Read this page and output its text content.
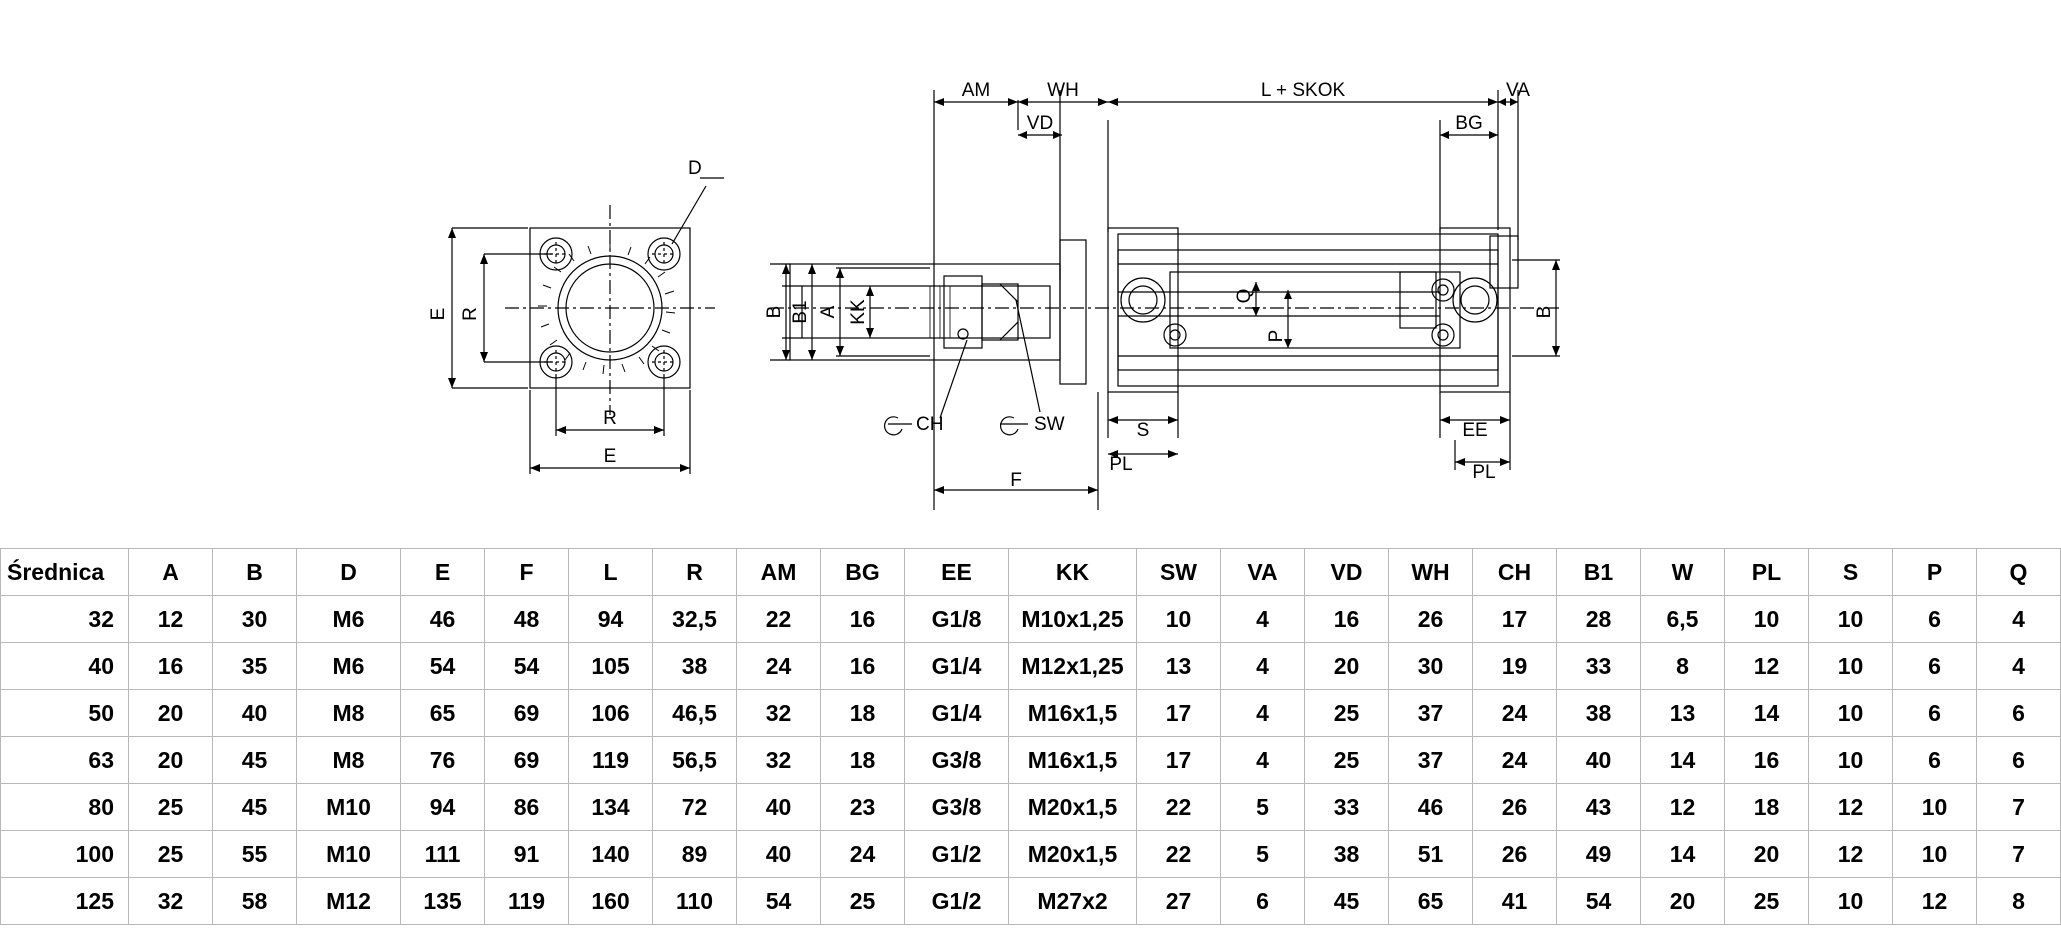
D
E R
R
E
AM	WH	L + SKOK	VA
VD	BG
B B1 A KK
Q
P
B
CH	SW	S
PL
EE
PL
F
Średnica	A	B	D	E	F	L	R	AM	BG	EE	KK	SW	VA	VD	WH	CH	B1	W	PL	S	P	Q
32	12	30	M6	46	48	94	32,5	22	16	G1/8	M10x1,25	10	4	16	26	17	28	6,5	10	10	6	4
40	16	35	M6	54	54	105	38	24	16	G1/4	M12x1,25	13	4	20	30	19	33	8	12	10	6	4
50	20	40	M8	65	69	106	46,5	32	18	G1/4	M16x1,5	17	4	25	37	24	38	13	14	10	6	6
63	20	45	M8	76	69	119	56,5	32	18	G3/8	M16x1,5	17	4	25	37	24	40	14	16	10	6	6
80	25	45	M10	94	86	134	72	40	23	G3/8	M20x1,5	22	5	33	46	26	43	12	18	12	10	7
100	25	55	M10	111	91	140	89	40	24	G1/2	M20x1,5	22	5	38	51	26	49	14	20	12	10	7
125	32	58	M12	135	119	160	110	54	25	G1/2	M27x2	27	6	45	65	41	54	20	25	10	12	8
